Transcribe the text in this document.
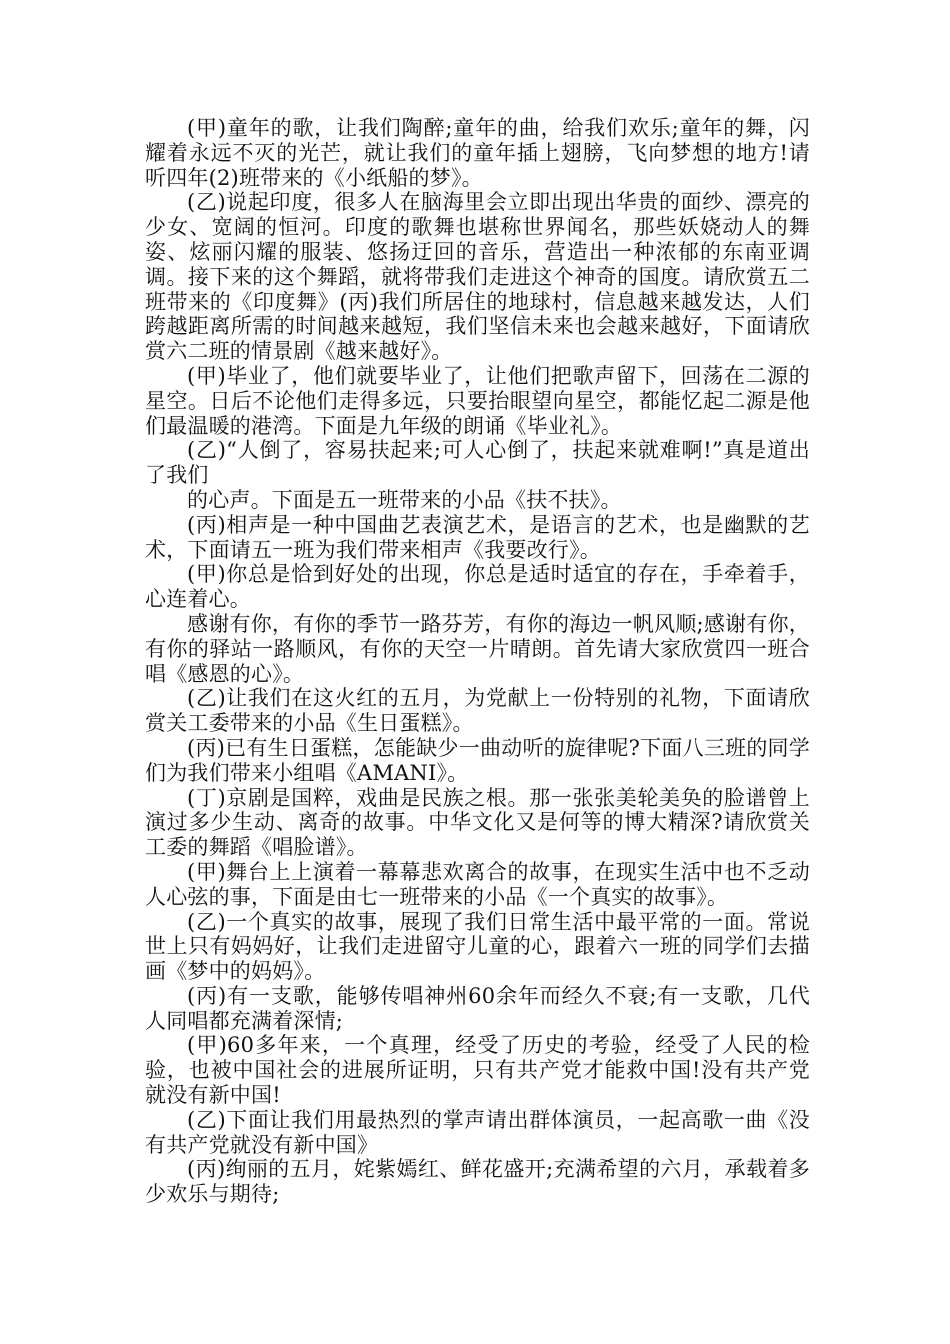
(甲)童年的歌，让我们陶醉;童年的曲，给我们欢乐;童年的舞，闪耀着永远不灭的光芒，就让我们的童年插上翅膀，飞向梦想的地方!请听四年(2)班带来的《小纸船的梦》。

(乙)说起印度，很多人在脑海里会立即出现出华贵的面纱、漂亮的少女、宽阔的恒河。印度的歌舞也堪称世界闻名，那些妖娆动人的舞姿、炫丽闪耀的服装、悠扬迂回的音乐，营造出一种浓郁的东南亚调调。接下来的这个舞蹈，就将带我们走进这个神奇的国度。请欣赏五二班带来的《印度舞》(丙)我们所居住的地球村，信息越来越发达，人们跨越距离所需的时间越来越短，我们坚信未来也会越来越好，下面请欣赏六二班的情景剧《越来越好》。

(甲)毕业了，他们就要毕业了，让他们把歌声留下，回荡在二源的星空。日后不论他们走得多远，只要抬眼望向星空，都能忆起二源是他们最温暖的港湾。下面是九年级的朗诵《毕业礼》。

(乙)“人倒了，容易扶起来;可人心倒了，扶起来就难啊!”真是道出了我们

的心声。下面是五一班带来的小品《扶不扶》。

(丙)相声是一种中国曲艺表演艺术，是语言的艺术，也是幽默的艺术，下面请五一班为我们带来相声《我要改行》。

(甲)你总是恰到好处的出现，你总是适时适宜的存在，手牵着手，心连着心。

感谢有你，有你的季节一路芬芳，有你的海边一帆风顺;感谢有你，有你的驿站一路顺风，有你的天空一片晴朗。首先请大家欣赏四一班合唱《感恩的心》。

(乙)让我们在这火红的五月，为党献上一份特别的礼物，下面请欣赏关工委带来的小品《生日蛋糕》。

(丙)已有生日蛋糕，怎能缺少一曲动听的旋律呢?下面八三班的同学们为我们带来小组唱《AMANI》。

(丁)京剧是国粹，戏曲是民族之根。那一张张美轮美奂的脸谱曾上演过多少生动、离奇的故事。中华文化又是何等的博大精深?请欣赏关工委的舞蹈《唱脸谱》。

(甲)舞台上上演着一幕幕悲欢离合的故事，在现实生活中也不乏动人心弦的事，下面是由七一班带来的小品《一个真实的故事》。

(乙)一个真实的故事，展现了我们日常生活中最平常的一面。常说世上只有妈妈好，让我们走进留守儿童的心，跟着六一班的同学们去描画《梦中的妈妈》。

(丙)有一支歌，能够传唱神州60余年而经久不衰;有一支歌，几代人同唱都充满着深情;

(甲)60多年来，一个真理，经受了历史的考验，经受了人民的检验，也被中国社会的进展所证明，只有共产党才能救中国!没有共产党就没有新中国!

(乙)下面让我们用最热烈的掌声请出群体演员，一起高歌一曲《没有共产党就没有新中国》

(丙)绚丽的五月，姹紫嫣红、鲜花盛开;充满希望的六月，承载着多少欢乐与期待;
